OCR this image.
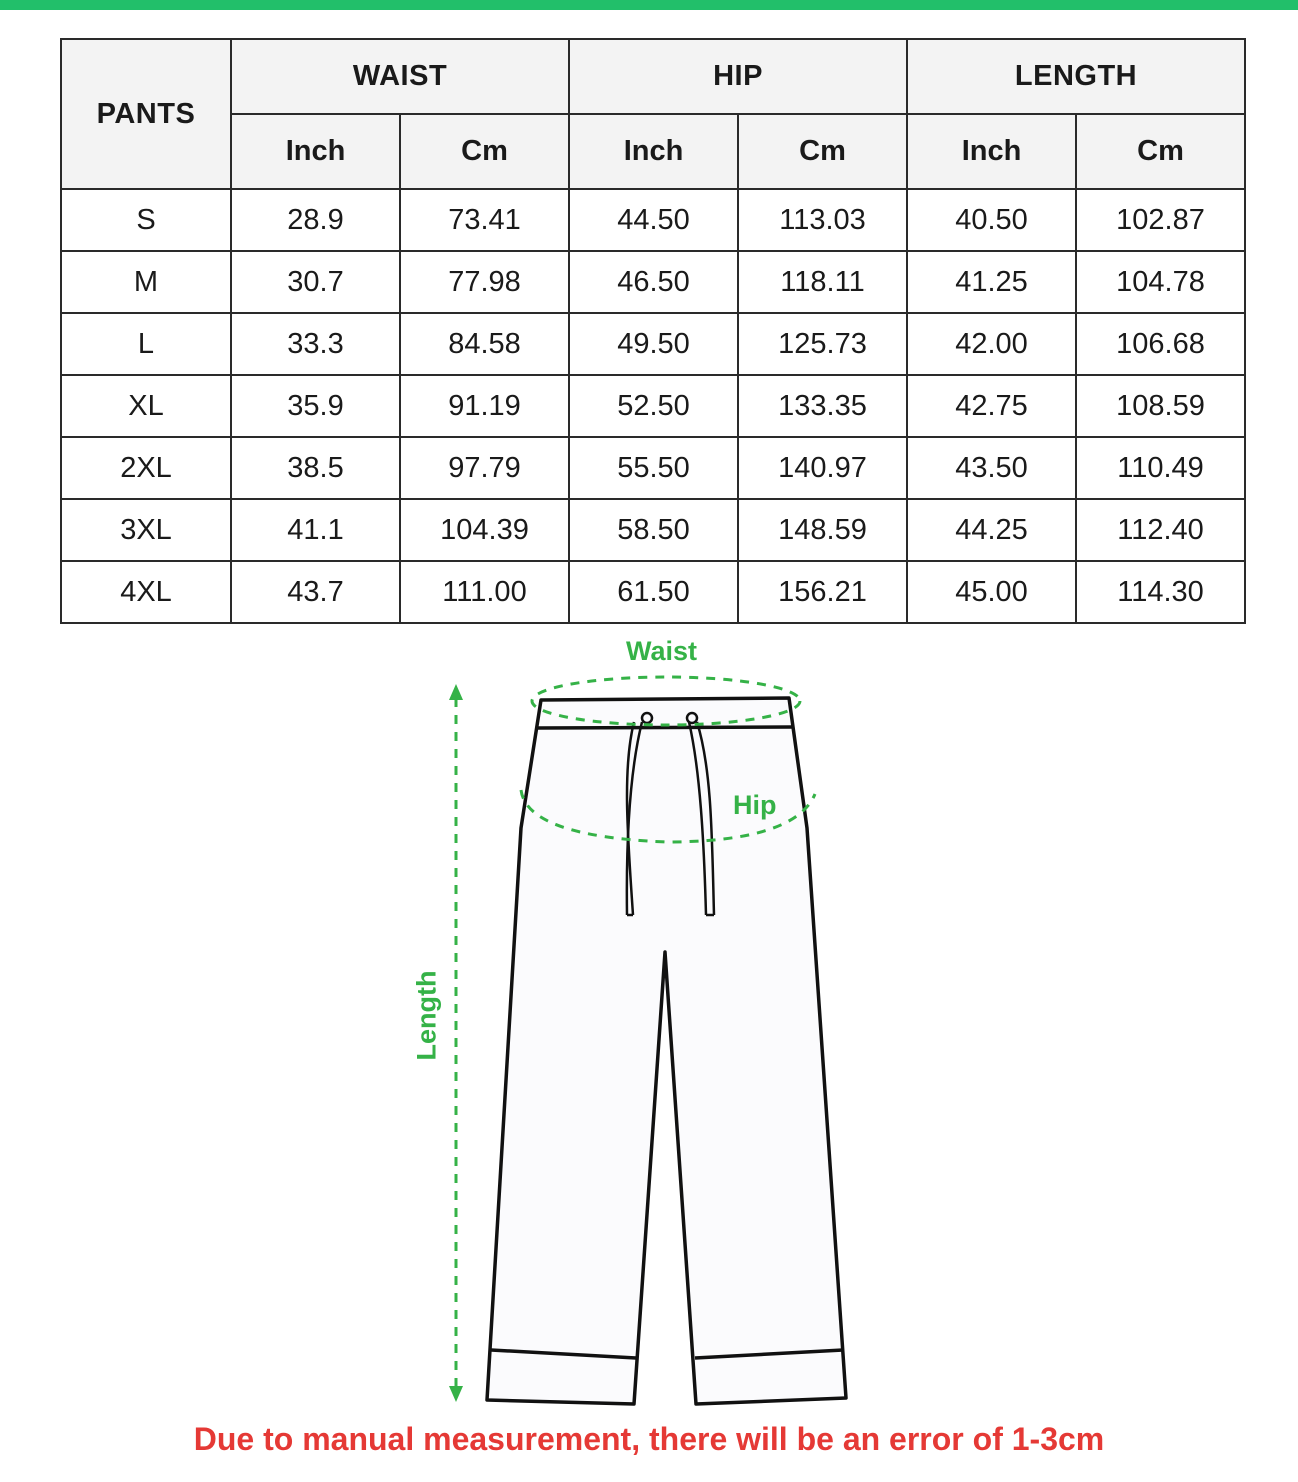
PANTS	WAIST		HIP		LENGTH	
	Inch	Cm	Inch	Cm	Inch	Cm
S	28.9	73.41	44.50	113.03	40.50	102.87
M	30.7	77.98	46.50	118.11	41.25	104.78
L	33.3	84.58	49.50	125.73	42.00	106.68
XL	35.9	91.19	52.50	133.35	42.75	108.59
2XL	38.5	97.79	55.50	140.97	43.50	110.49
3XL	41.1	104.39	58.50	148.59	44.25	112.40
4XL	43.7	111.00	61.50	156.21	45.00	114.30
Waist
Hip
Length
Due to manual measurement, there will be an error of 1-3cm
